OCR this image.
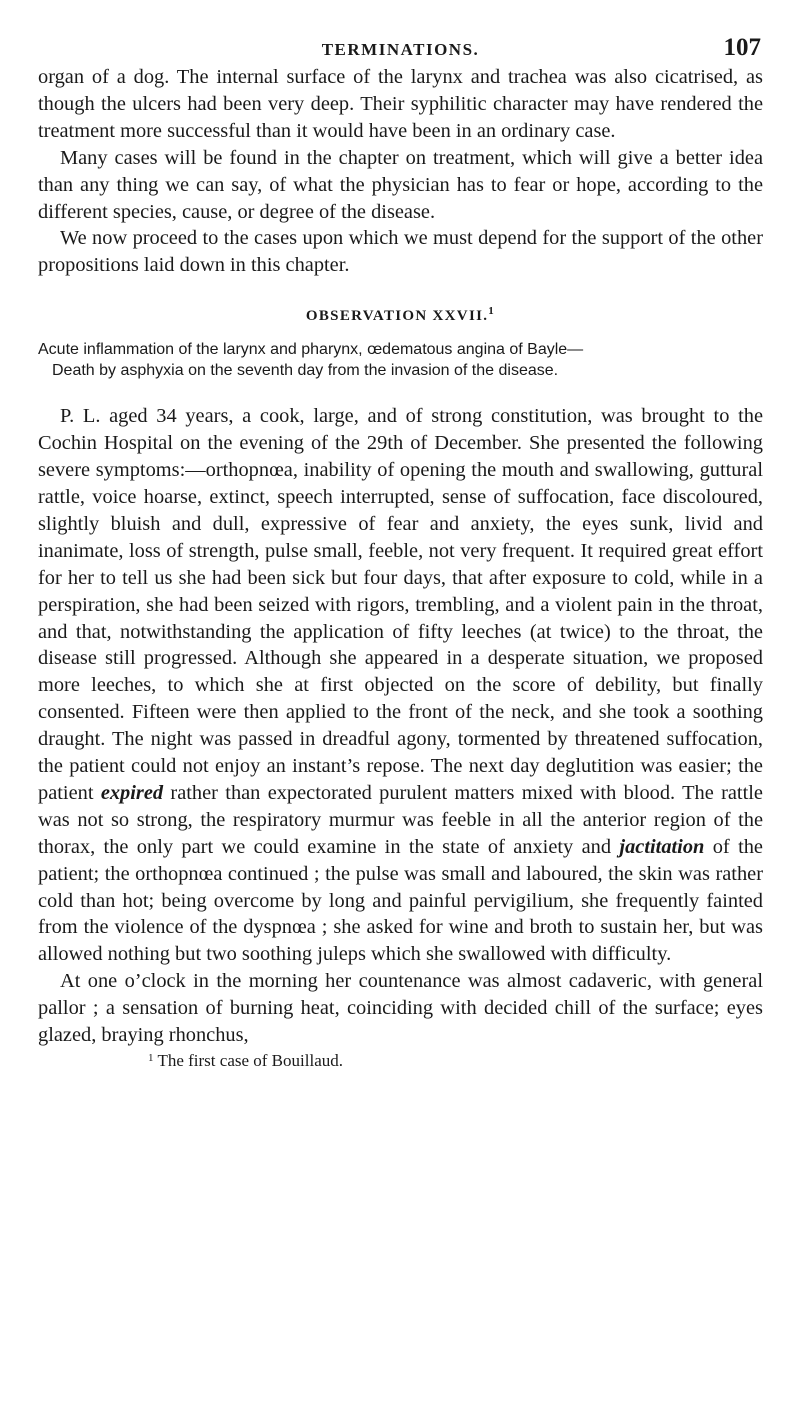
TERMINATIONS.	107

organ of a dog. The internal surface of the larynx and trachea was also cicatrised, as though the ulcers had been very deep. Their syphilitic character may have rendered the treatment more successful than it would have been in an ordinary case.

Many cases will be found in the chapter on treatment, which will give a better idea than any thing we can say, of what the physician has to fear or hope, according to the different species, cause, or degree of the disease.

We now proceed to the cases upon which we must depend for the support of the other propositions laid down in this chapter.

OBSERVATION XXVII.$^1$
Acute inflammation of the larynx and pharynx, œdematous angina of Bayle—
Death by asphyxia on the seventh day from the invasion of the disease.

P. L. aged 34 years, a cook, large, and of strong constitution, was brought to the Cochin Hospital on the evening of the 29th of December. She presented the following severe symptoms:—orthopnœa, inability of opening the mouth and swallowing, guttural rattle, voice hoarse, extinct, speech interrupted, sense of suffocation, face discoloured, slightly bluish and dull, expressive of fear and anxiety, the eyes sunk, livid and inanimate, loss of strength, pulse small, feeble, not very frequent. It required great effort for her to tell us she had been sick but four days, that after exposure to cold, while in a perspiration, she had been seized with rigors, trembling, and a violent pain in the throat, and that, notwithstanding the application of fifty leeches (at twice) to the throat, the disease still progressed. Although she appeared in a desperate situation, we proposed more leeches, to which she at first objected on the score of debility, but finally consented. Fifteen were then applied to the front of the neck, and she took a soothing draught. The night was passed in dreadful agony, tormented by threatened suffocation, the patient could not enjoy an instant’s repose. The next day deglutition was easier; the patient expired rather than expectorated purulent matters mixed with blood. The rattle was not so strong, the respiratory murmur was feeble in all the anterior region of the thorax, the only part we could examine in the state of anxiety and jactitation of the patient; the orthopnœa continued ; the pulse was small and laboured, the skin was rather cold than hot; being overcome by long and painful pervigilium, she frequently fainted from the violence of the dyspnœa ; she asked for wine and broth to sustain her, but was allowed nothing but two soothing juleps which she swallowed with difficulty.

At one o’clock in the morning her countenance was almost cadaveric, with general pallor ; a sensation of burning heat, coinciding with decided chill of the surface; eyes glazed, braying rhonchus,

$^1$ The first case of Bouillaud.
